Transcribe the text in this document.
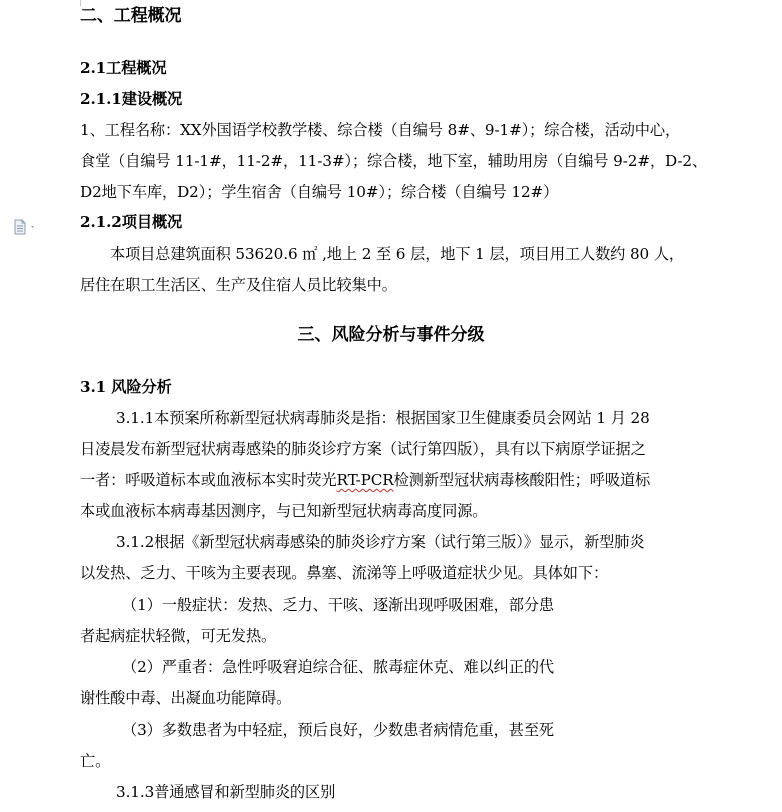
二、工程概况
2.1工程概况
2.1.1建设概况
1、工程名称：XX外国语学校教学楼、综合楼（自编号 8#、9-1#）；综合楼，活动中心，
食堂（自编号 11-1#，11-2#，11-3#）；综合楼，地下室，辅助用房（自编号 9-2#，D-2、
D2地下车库，D2）；学生宿舍（自编号 10#）；综合楼（自编号 12#）
2.1.2项目概况
本项目总建筑面积 53620.6 ㎡ ,地上 2 至 6 层，地下 1 层，项目用工人数约 80 人，
居住在职工生活区、生产及住宿人员比较集中。
三、风险分析与事件分级
3.1 风险分析
3.1.1本预案所称新型冠状病毒肺炎是指：根据国家卫生健康委员会网站 1 月 28
日凌晨发布新型冠状病毒感染的肺炎诊疗方案（试行第四版），具有以下病原学证据之
一者：呼吸道标本或血液标本实时荧光RT-PCR检测新型冠状病毒核酸阳性；呼吸道标
本或血液标本病毒基因测序，与已知新型冠状病毒高度同源。
3.1.2根据《新型冠状病毒感染的肺炎诊疗方案（试行第三版）》显示，新型肺炎
以发热、乏力、干咳为主要表现。鼻塞、流涕等上呼吸道症状少见。具体如下：
（1）一般症状：发热、乏力、干咳、逐渐出现呼吸困难，部分患
者起病症状轻微，可无发热。
（2）严重者：急性呼吸窘迫综合征、脓毒症休克、难以纠正的代
谢性酸中毒、出凝血功能障碍。
（3）多数患者为中轻症，预后良好，少数患者病情危重，甚至死
亡。
3.1.3普通感冒和新型肺炎的区别
